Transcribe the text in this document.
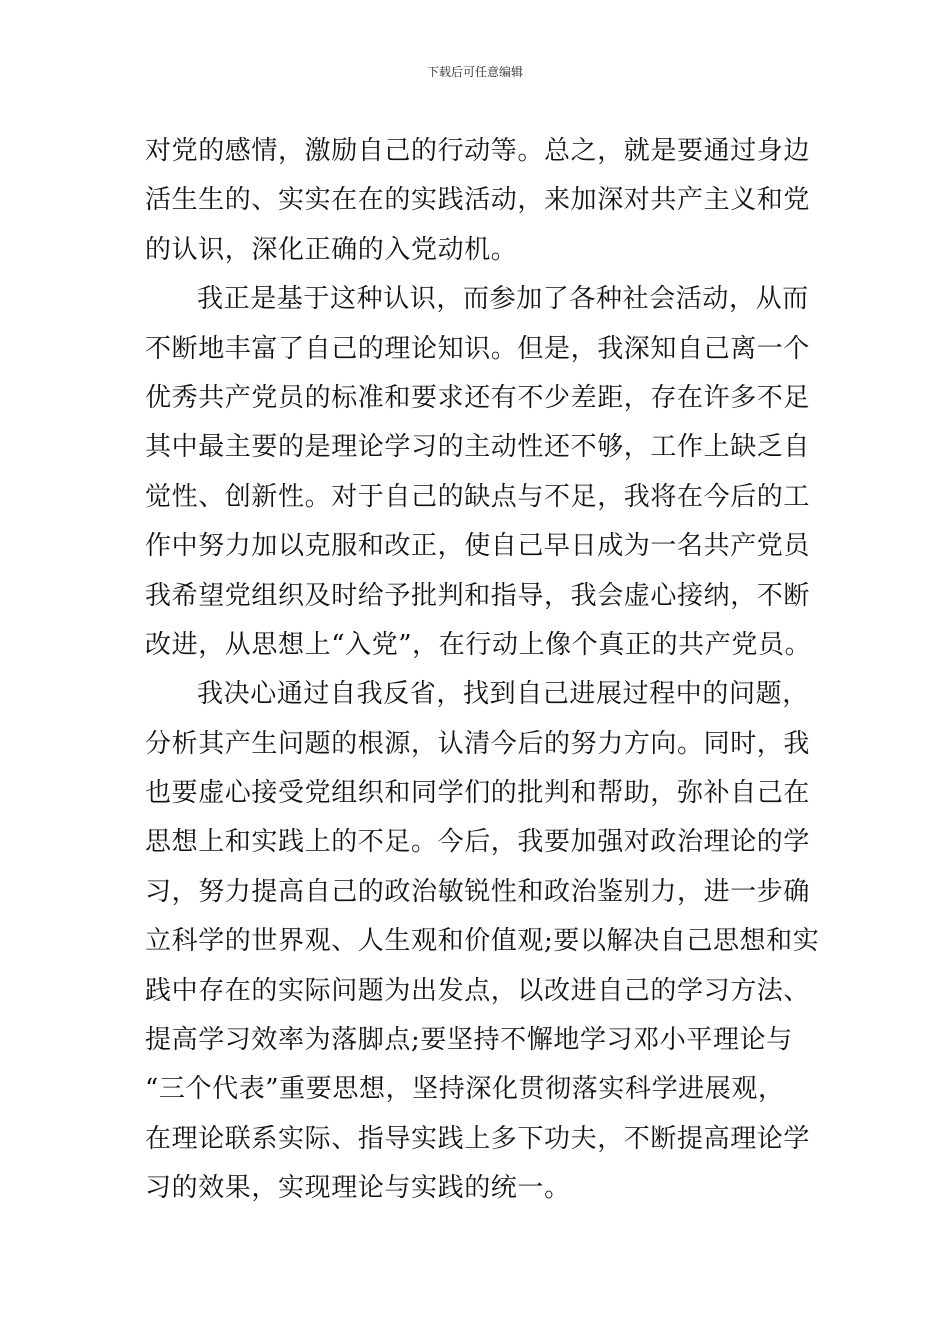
下载后可任意编辑
对党的感情，激励自己的行动等。总之，就是要通过身边
活生生的、实实在在的实践活动，来加深对共产主义和党
的认识，深化正确的入党动机。
我正是基于这种认识，而参加了各种社会活动，从而
不断地丰富了自己的理论知识。但是，我深知自己离一个
优秀共产党员的标准和要求还有不少差距，存在许多不足
其中最主要的是理论学习的主动性还不够，工作上缺乏自
觉性、创新性。对于自己的缺点与不足，我将在今后的工
作中努力加以克服和改正，使自己早日成为一名共产党员
我希望党组织及时给予批判和指导，我会虚心接纳，不断
改进，从思想上“入党”，在行动上像个真正的共产党员。
我决心通过自我反省，找到自己进展过程中的问题，
分析其产生问题的根源，认清今后的努力方向。同时，我
也要虚心接受党组织和同学们的批判和帮助，弥补自己在
思想上和实践上的不足。今后，我要加强对政治理论的学
习，努力提高自己的政治敏锐性和政治鉴别力，进一步确
立科学的世界观、人生观和价值观;要以解决自己思想和实
践中存在的实际问题为出发点，以改进自己的学习方法、
提高学习效率为落脚点;要坚持不懈地学习邓小平理论与
“三个代表”重要思想，坚持深化贯彻落实科学进展观，
在理论联系实际、指导实践上多下功夫，不断提高理论学
习的效果，实现理论与实践的统一。
